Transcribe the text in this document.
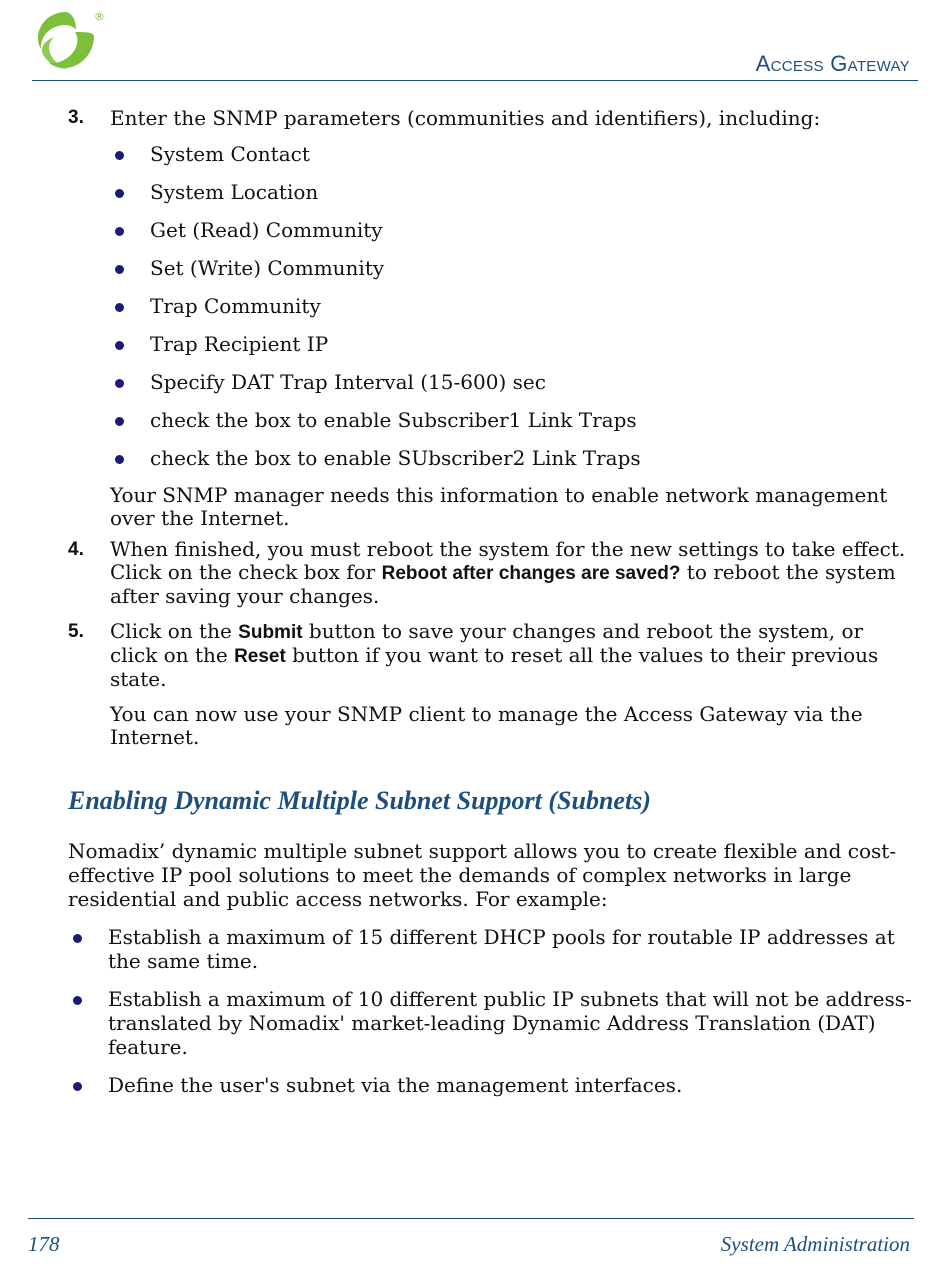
®
Access Gateway
3. Enter the SNMP parameters (communities and identifiers), including:
System Contact
System Location
Get (Read) Community
Set (Write) Community
Trap Community
Trap Recipient IP
Specify DAT Trap Interval (15-600) sec
check the box to enable Subscriber1 Link Traps
check the box to enable SUbscriber2 Link Traps
Your SNMP manager needs this information to enable network management over the Internet.
4. When finished, you must reboot the system for the new settings to take effect. Click on the check box for Reboot after changes are saved? to reboot the system after saving your changes.
5. Click on the Submit button to save your changes and reboot the system, or click on the Reset button if you want to reset all the values to their previous state.
You can now use your SNMP client to manage the Access Gateway via the Internet.
Enabling Dynamic Multiple Subnet Support (Subnets)

Nomadix’ dynamic multiple subnet support allows you to create flexible and cost-effective IP pool solutions to meet the demands of complex networks in large residential and public access networks. For example:

Establish a maximum of 15 different DHCP pools for routable IP addresses at the same time.
Establish a maximum of 10 different public IP subnets that will not be address-translated by Nomadix' market-leading Dynamic Address Translation (DAT) feature.
Define the user's subnet via the management interfaces.
178	System Administration
